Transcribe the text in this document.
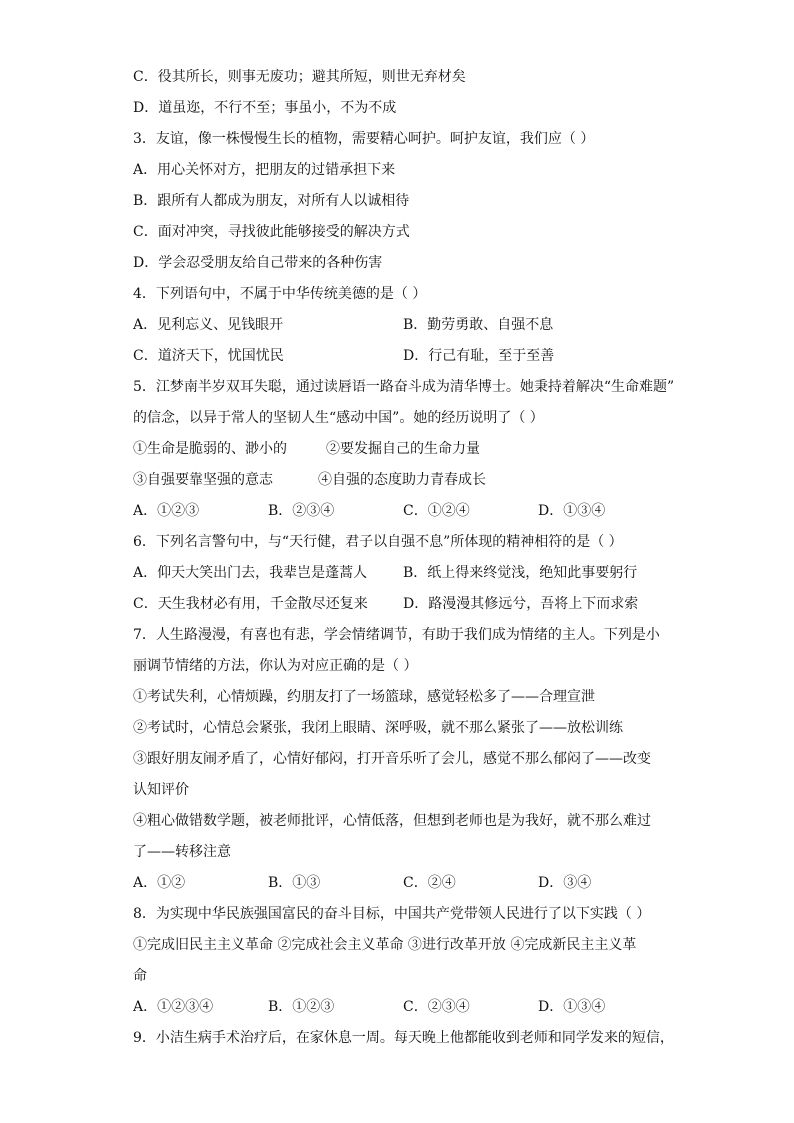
C．役其所长，则事无废功；避其所短，则世无弃材矣
D．道虽迩，不行不至；事虽小，不为不成
3．友谊，像一株慢慢生长的植物，需要精心呵护。呵护友谊，我们应（ ）
A．用心关怀对方，把朋友的过错承担下来
B．跟所有人都成为朋友，对所有人以诚相待
C．面对冲突，寻找彼此能够接受的解决方式
D．学会忍受朋友给自己带来的各种伤害
4．下列语句中，不属于中华传统美德的是（ ）
A．见利忘义、见钱眼开	B．勤劳勇敢、自强不息
C．道济天下，忧国忧民	D．行己有耻，至于至善
5．江梦南半岁双耳失聪，通过读唇语一路奋斗成为清华博士。她秉持着解决“生命难题”
的信念，以异于常人的坚韧人生“感动中国”。她的经历说明了（ ）
①生命是脆弱的、渺小的	②要发掘自己的生命力量
③自强要靠坚强的意志	④自强的态度助力青春成长
A．①②③	B．②③④	C．①②④	D．①③④
6．下列名言警句中，与“天行健，君子以自强不息”所体现的精神相符的是（ ）
A．仰天大笑出门去，我辈岂是蓬蒿人	B．纸上得来终觉浅，绝知此事要躬行
C．天生我材必有用，千金散尽还复来	D．路漫漫其修远兮，吾将上下而求索
7．人生路漫漫，有喜也有悲，学会情绪调节，有助于我们成为情绪的主人。下列是小
丽调节情绪的方法，你认为对应正确的是（ ）
①考试失利，心情烦躁，约朋友打了一场篮球，感觉轻松多了——合理宣泄
②考试时，心情总会紧张，我闭上眼睛、深呼吸，就不那么紧张了——放松训练
③跟好朋友闹矛盾了，心情好郁闷，打开音乐听了会儿，感觉不那么郁闷了——改变
认知评价
④粗心做错数学题，被老师批评，心情低落，但想到老师也是为我好，就不那么难过
了——转移注意
A．①②	B．①③	C．②④	D．③④
8．为实现中华民族强国富民的奋斗目标，中国共产党带领人民进行了以下实践（ ）
①完成旧民主主义革命 ②完成社会主义革命 ③进行改革开放 ④完成新民主主义革
命
A．①②③④	B．①②③	C．②③④	D．①③④
9．小洁生病手术治疗后，在家休息一周。每天晚上他都能收到老师和同学发来的短信，
